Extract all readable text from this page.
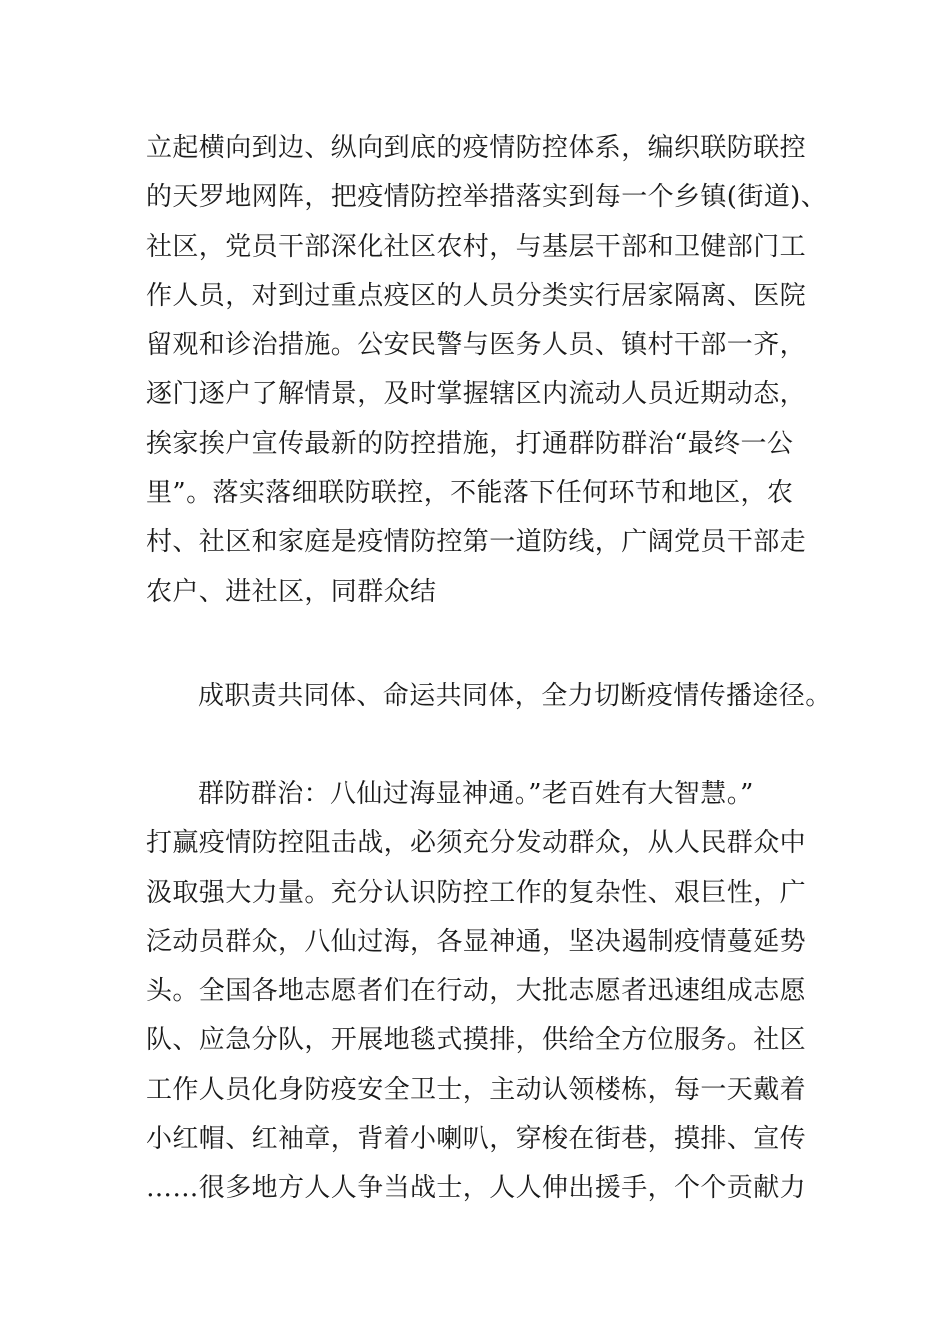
立起横向到边、纵向到底的疫情防控体系，编织联防联控
的天罗地网阵，把疫情防控举措落实到每一个乡镇(街道)、
社区，党员干部深化社区农村，与基层干部和卫健部门工
作人员，对到过重点疫区的人员分类实行居家隔离、医院
留观和诊治措施。公安民警与医务人员、镇村干部一齐，
逐门逐户了解情景，及时掌握辖区内流动人员近期动态，
挨家挨户宣传最新的防控措施，打通群防群治“最终一公
里”。落实落细联防联控，不能落下任何环节和地区，农
村、社区和家庭是疫情防控第一道防线，广阔党员干部走
农户、进社区，同群众结
成职责共同体、命运共同体，全力切断疫情传播途径。
群防群治：八仙过海显神通。”老百姓有大智慧。”
打赢疫情防控阻击战，必须充分发动群众，从人民群众中
汲取强大力量。充分认识防控工作的复杂性、艰巨性，广
泛动员群众，八仙过海，各显神通，坚决遏制疫情蔓延势
头。全国各地志愿者们在行动，大批志愿者迅速组成志愿
队、应急分队，开展地毯式摸排，供给全方位服务。社区
工作人员化身防疫安全卫士，主动认领楼栋，每一天戴着
小红帽、红袖章，背着小喇叭，穿梭在街巷，摸排、宣传
……很多地方人人争当战士，人人伸出援手，个个贡献力
